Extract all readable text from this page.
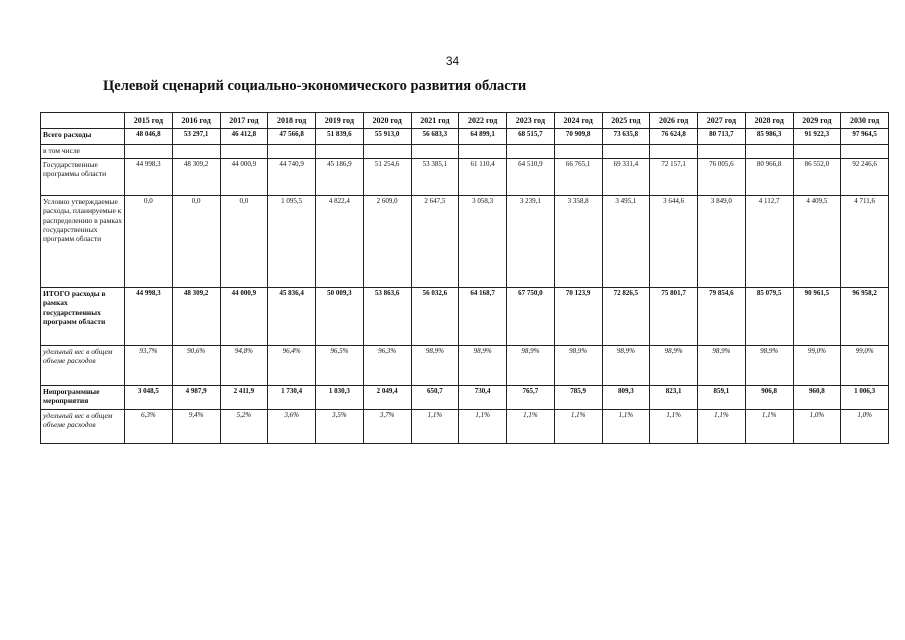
34
Целевой сценарий социально-экономического развития области
	2015 год	2016 год	2017 год	2018 год	2019 год	2020 год	2021 год	2022 год	2023 год	2024 год	2025 год	2026 год	2027 год	2028 год	2029 год	2030 год
Всего расходы	48 046,8	53 297,1	46 412,8	47 566,8	51 839,6	55 913,0	56 683,3	64 899,1	68 515,7	70 909,8	73 635,8	76 624,8	80 713,7	85 986,3	91 922,3	97 964,5
в том числе																
Государственные программы области	44 998,3	48 309,2	44 000,9	44 740,9	45 186,9	51 254,6	53 385,1	61 110,4	64 510,9	66 765,1	69 331,4	72 157,1	76 005,6	80 966,8	86 552,0	92 246,6
Условно утверждаемые расходы, планируемые к распределению в рамках государственных программ области	0,0	0,0	0,0	1 095,5	4 822,4	2 609,0	2 647,5	3 058,3	3 239,1	3 358,8	3 495,1	3 644,6	3 849,0	4 112,7	4 409,5	4 711,6
ИТОГО расходы в рамках государственных программ области	44 998,3	48 309,2	44 000,9	45 836,4	50 009,3	53 863,6	56 032,6	64 168,7	67 750,0	70 123,9	72 826,5	75 801,7	79 854,6	85 079,5	90 961,5	96 958,2
удельный вес в общем объеме расходов	93,7%	90,6%	94,8%	96,4%	96,5%	96,3%	98,9%	98,9%	98,9%	98,9%	98,9%	98,9%	98,9%	98,9%	99,0%	99,0%
Непрограммные мероприятия	3 048,5	4 987,9	2 411,9	1 730,4	1 830,3	2 049,4	650,7	730,4	765,7	785,9	809,3	823,1	859,1	906,8	960,8	1 006,3
удельный вес в общем объеме расходов	6,3%	9,4%	5,2%	3,6%	3,5%	3,7%	1,1%	1,1%	1,1%	1,1%	1,1%	1,1%	1,1%	1,1%	1,0%	1,0%
